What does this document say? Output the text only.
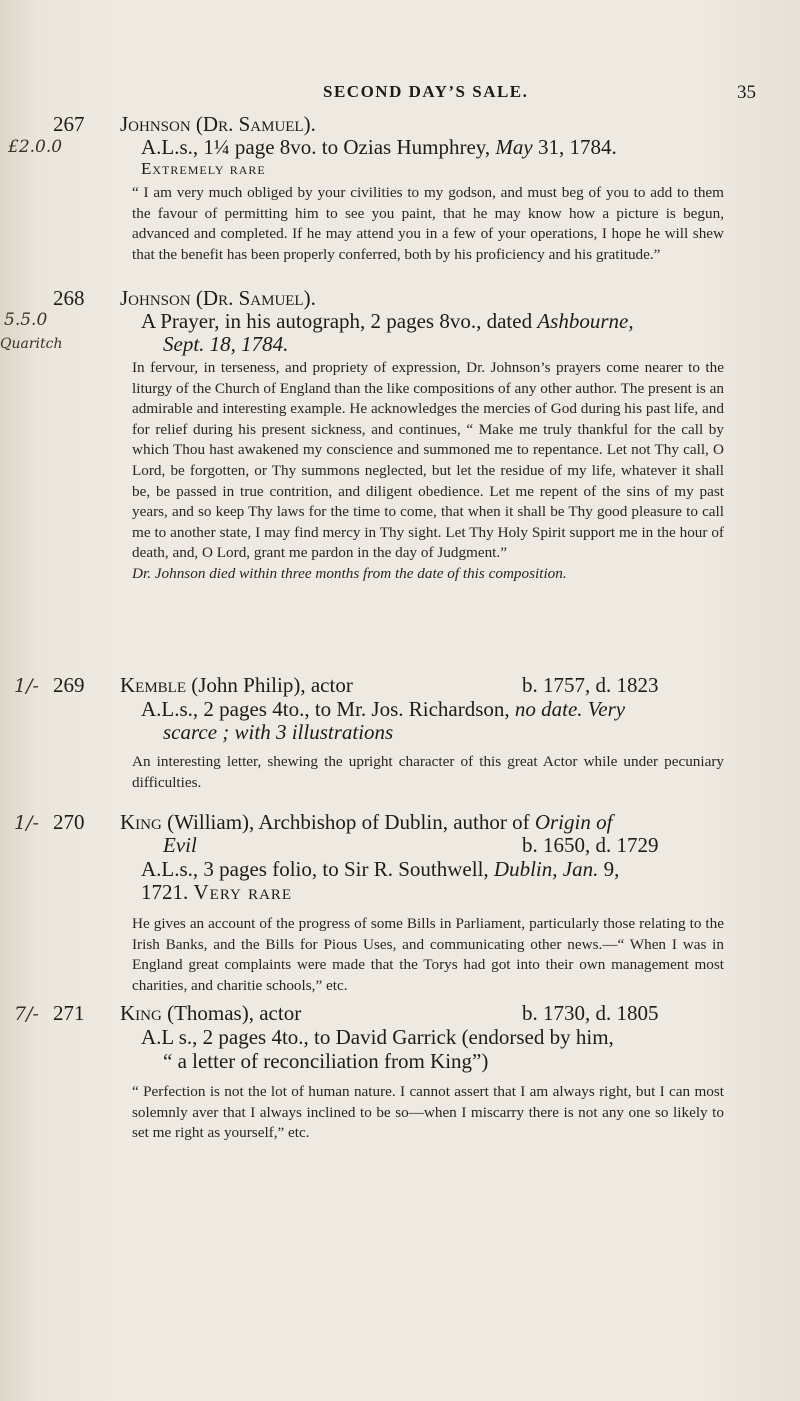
SECOND DAY’S SALE.	35
267 Johnson (Dr. Samuel).
£2.0.0	A.L.s., 1¼ page 8vo. to Ozias Humphrey, May 31, 1784.
Extremely rare

“ I am very much obliged by your civilities to my godson, and must beg of you to add to them the favour of permitting him to see you paint, that he may know how a picture is begun, advanced and completed. If he may attend you in a few of your operations, I hope he will shew that the benefit has been properly conferred, both by his proficiency and his gratitude.”

268 Johnson (Dr. Samuel).
5.5.0
Quaritch
A Prayer, in his autograph, 2 pages 8vo., dated Ashbourne,
Sept. 18, 1784.

In fervour, in terseness, and propriety of expression, Dr. Johnson’s prayers come nearer to the liturgy of the Church of England than the like compositions of any other author. The present is an admirable and interesting example. He acknowledges the mercies of God during his past life, and for relief during his present sickness, and continues, “ Make me truly thankful for the call by which Thou hast awakened my conscience and summoned me to repentance. Let not Thy call, O Lord, be forgotten, or Thy summons neglected, but let the residue of my life, whatever it shall be, be passed in true contrition, and diligent obedience. Let me repent of the sins of my past years, and so keep Thy laws for the time to come, that when it shall be Thy good pleasure to call me to another state, I may find mercy in Thy sight. Let Thy Holy Spirit support me in the hour of death, and, O Lord, grant me pardon in the day of Judgment.”

Dr. Johnson died within three months from the date of this composition.

1/- 269 Kemble (John Philip), actor	b. 1757, d. 1823
A.L.s., 2 pages 4to., to Mr. Jos. Richardson, no date. Very
scarce ; with 3 illustrations

An interesting letter, shewing the upright character of this great Actor while under pecuniary difficulties.

1/- 270 King (William), Archbishop of Dublin, author of Origin of
Evil	b. 1650, d. 1729
A.L.s., 3 pages folio, to Sir R. Southwell, Dublin, Jan. 9,
1721. Very rare

He gives an account of the progress of some Bills in Parliament, particularly those relating to the Irish Banks, and the Bills for Pious Uses, and communicating other news.—“ When I was in England great complaints were made that the Torys had got into their own management most charities, and charitie schools,” etc.

7/- 271 King (Thomas), actor	b. 1730, d. 1805
A.L s., 2 pages 4to., to David Garrick (endorsed by him,
“ a letter of reconciliation from King”)

“ Perfection is not the lot of human nature. I cannot assert that I am always right, but I can most solemnly aver that I always inclined to be so—when I miscarry there is not any one so likely to set me right as yourself,” etc.
